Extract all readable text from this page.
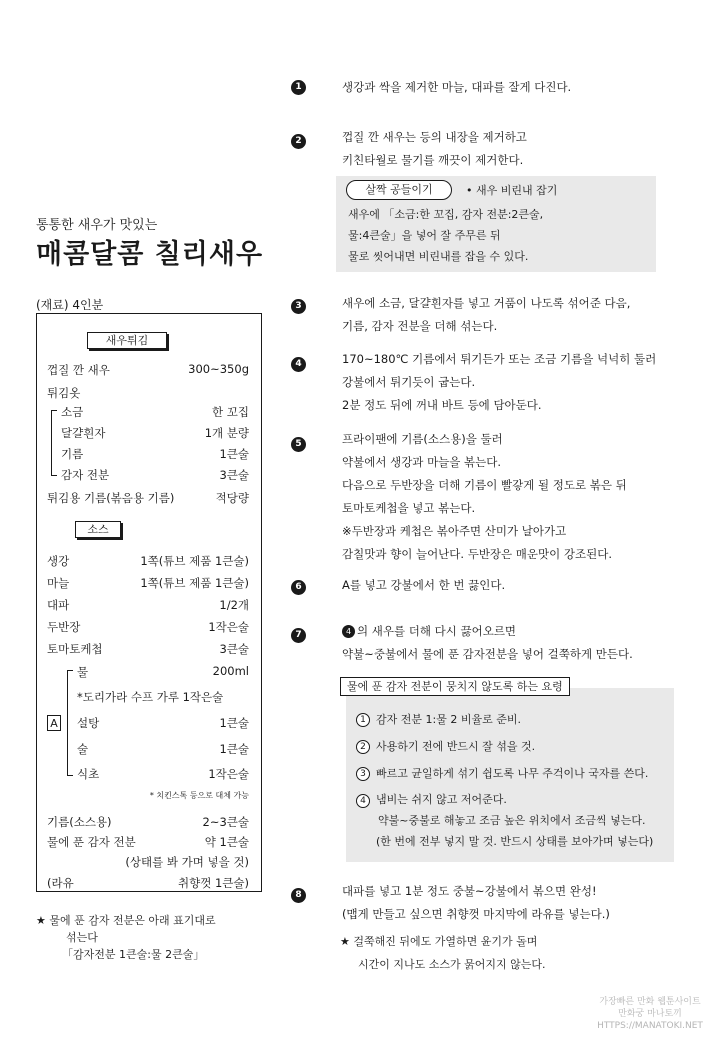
통통한 새우가 맛있는
매콤달콤 칠리새우
(재료) 4인분
새우튀김
껍질 깐 새우	300~350g
튀김옷
소금	한 꼬집
달걀흰자	1개 분량
기름	1큰술
감자 전분	3큰술
튀김용 기름(볶음용 기름)	적당량
소스
생강	1쪽(튜브 제품 1큰술)
마늘	1쪽(튜브 제품 1큰술)
대파	1/2개
두반장	1작은술
토마토케첩	3큰술
A
물	200ml
*도리가라 수프 가루 1작은술
설탕	1큰술
술	1큰술
식초	1작은술
* 치킨스톡 등으로 대체 가능
기름(소스용)	2~3큰술
물에 푼 감자 전분	약 1큰술
(상태를 봐 가며 넣을 것)
(라유	취향껏 1큰술)
★ 물에 푼 감자 전분은 아래 표기대로
섞는다
「감자전분 1큰술:물 2큰술」
1	생강과 싹을 제거한 마늘, 대파를 잘게 다진다.
2	껍질 깐 새우는 등의 내장을 제거하고
키친타월로 물기를 깨끗이 제거한다.
살짝 공들이기	• 새우 비린내 잡기
새우에 「소금:한 꼬집, 감자 전분:2큰술,
물:4큰술」을 넣어 잘 주무른 뒤
물로 씻어내면 비린내를 잡을 수 있다.
3	새우에 소금, 달걀흰자를 넣고 거품이 나도록 섞어준 다음,
기름, 감자 전분을 더해 섞는다.
4	170~180℃ 기름에서 튀기든가 또는 조금 기름을 넉넉히 둘러
강불에서 튀기듯이 굽는다.
2분 정도 뒤에 꺼내 바트 등에 담아둔다.
5	프라이팬에 기름(소스용)을 둘러
약불에서 생강과 마늘을 볶는다.
다음으로 두반장을 더해 기름이 빨갛게 될 정도로 볶은 뒤
토마토케첩을 넣고 볶는다.
※두반장과 케첩은 볶아주면 산미가 날아가고
감칠맛과 향이 늘어난다. 두반장은 매운맛이 강조된다.
6	A를 넣고 강불에서 한 번 끓인다.
7	4 의 새우를 더해 다시 끓어오르면
약불~중불에서 물에 푼 감자전분을 넣어 걸쭉하게 만든다.
물에 푼 감자 전분이 뭉치지 않도록 하는 요령
1 감자 전분 1:물 2 비율로 준비.
2 사용하기 전에 반드시 잘 섞을 것.
3 빠르고 균일하게 섞기 쉽도록 나무 주걱이나 국자를 쓴다.
4 냄비는 쉬지 않고 저어준다.
약불~중불로 해놓고 조금 높은 위치에서 조금씩 넣는다.
(한 번에 전부 넣지 말 것. 반드시 상태를 보아가며 넣는다)
8	대파를 넣고 1분 정도 중불~강불에서 볶으면 완성!
(맵게 만들고 싶으면 취향껏 마지막에 라유를 넣는다.)
★ 걸쭉해진 뒤에도 가열하면 윤기가 돌며
시간이 지나도 소스가 묽어지지 않는다.
가장빠른 만화 웹툰사이트
만화궁 마나토끼
HTTPS://MANATOKI.NET
